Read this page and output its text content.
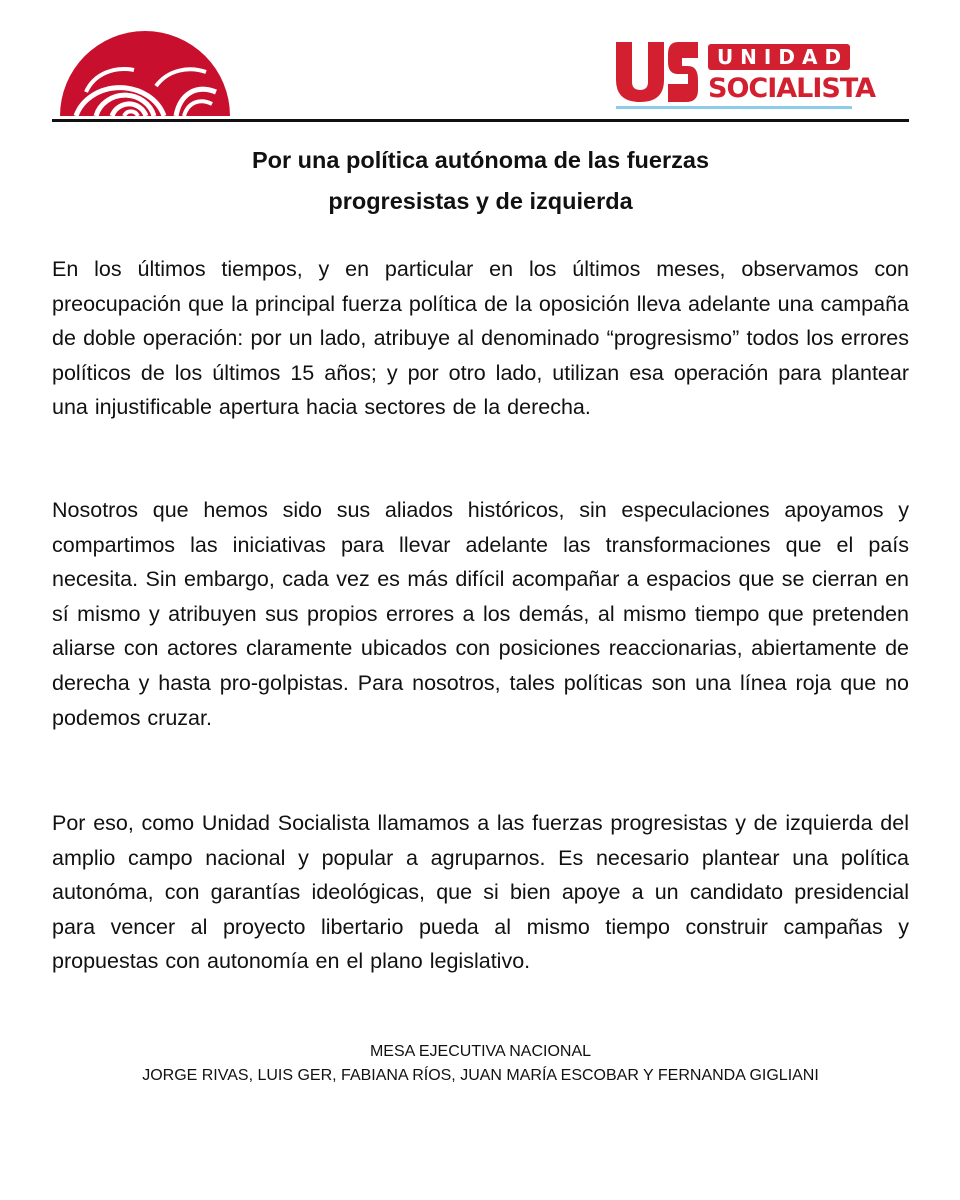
UNIDAD
SOCIALISTA
Por una política autónoma de las fuerzas
progresistas y de izquierda

En los últimos tiempos, y en particular en los últimos meses, observamos con preocupación que la principal fuerza política de la oposición lleva adelante una campaña de doble operación: por un lado, atribuye al denominado “progresismo” todos los errores políticos de los últimos 15 años; y por otro lado, utilizan esa operación para plantear una injustificable apertura hacia sectores de la derecha.

Nosotros que hemos sido sus aliados históricos, sin especulaciones apoyamos y compartimos las iniciativas para llevar adelante las transformaciones que el país necesita. Sin embargo, cada vez es más difícil acompañar a espacios que se cierran en sí mismo y atribuyen sus propios errores a los demás, al mismo tiempo que pretenden aliarse con actores claramente ubicados con posiciones reaccionarias, abiertamente de derecha y hasta pro-golpistas. Para nosotros, tales políticas son una línea roja que no podemos cruzar.

Por eso, como Unidad Socialista llamamos a las fuerzas progresistas y de izquierda del amplio campo nacional y popular a agruparnos. Es necesario plantear una política autonóma, con garantías ideológicas, que si bien apoye a un candidato presidencial para vencer al proyecto libertario pueda al mismo tiempo construir campañas y propuestas con autonomía en el plano legislativo.

MESA EJECUTIVA NACIONAL
JORGE RIVAS, LUIS GER, FABIANA RÍOS, JUAN MARÍA ESCOBAR Y FERNANDA GIGLIANI
